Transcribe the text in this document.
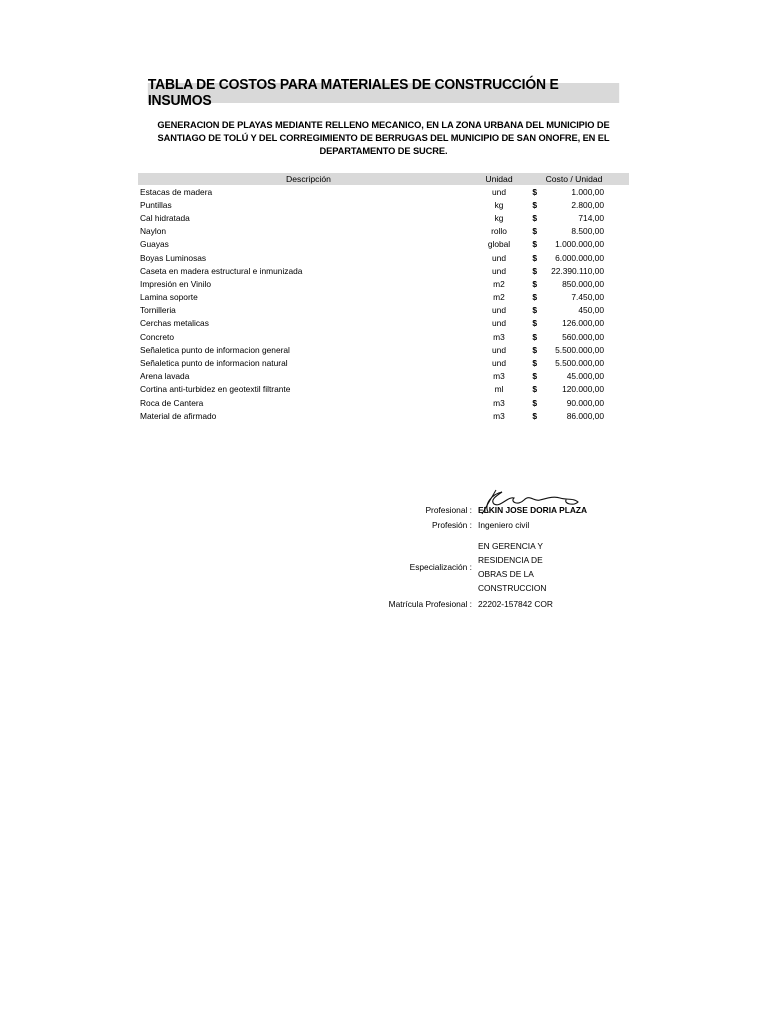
TABLA DE COSTOS PARA MATERIALES DE CONSTRUCCIÓN E INSUMOS
GENERACION DE PLAYAS MEDIANTE RELLENO MECANICO, EN LA ZONA URBANA DEL MUNICIPIO DE
SANTIAGO DE TOLÚ Y DEL CORREGIMIENTO DE BERRUGAS DEL MUNICIPIO DE SAN ONOFRE, EN EL
DEPARTAMENTO DE SUCRE.
Descripción	Unidad	Costo / Unidad
Estacas de madera	und	$	1.000,00
Puntillas	kg	$	2.800,00
Cal hidratada	kg	$	714,00
Naylon	rollo	$	8.500,00
Guayas	global	$	1.000.000,00
Boyas Luminosas	und	$	6.000.000,00
Caseta en madera estructural e inmunizada	und	$	22.390.110,00
Impresión en Vinilo	m2	$	850.000,00
Lamina soporte	m2	$	7.450,00
Tornilleria	und	$	450,00
Cerchas metalicas	und	$	126.000,00
Concreto	m3	$	560.000,00
Señaletica punto de informacion general	und	$	5.500.000,00
Señaletica punto de informacion natural	und	$	5.500.000,00
Arena lavada	m3	$	45.000,00
Cortina anti-turbidez en geotextil filtrante	ml	$	120.000,00
Roca de Cantera	m3	$	90.000,00
Material de afirmado	m3	$	86.000,00
Profesional : ELKIN JOSE DORIA PLAZA
Profesión : Ingeniero civil
Especialización :
EN GERENCIA Y
RESIDENCIA DE
OBRAS DE LA
CONSTRUCCION
Matrícula Profesional : 22202-157842 COR
